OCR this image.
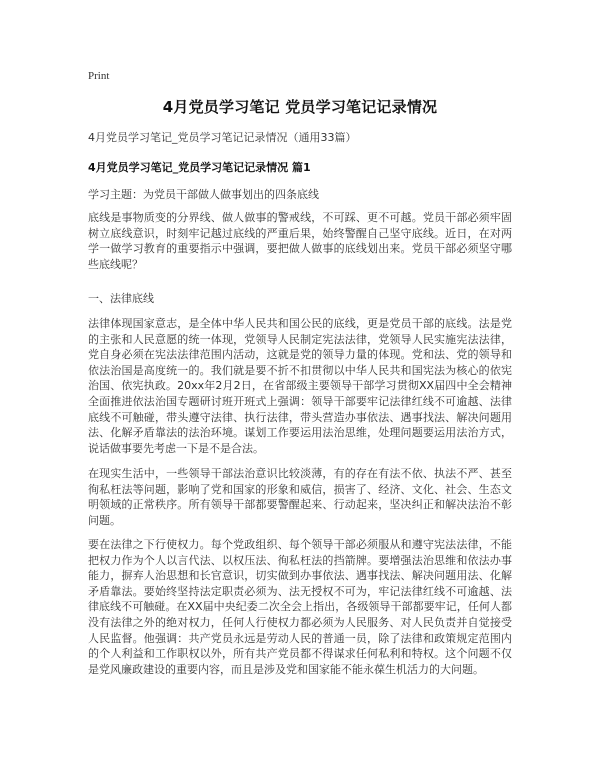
Print
4月党员学习笔记 党员学习笔记记录情况
4月党员学习笔记_党员学习笔记记录情况（通用33篇）
4月党员学习笔记_党员学习笔记记录情况 篇1
学习主题：为党员干部做人做事划出的四条底线

底线是事物质变的分界线、做人做事的警戒线，不可踩、更不可越。党员干部必须牢固树立底线意识，时刻牢记越过底线的严重后果，始终警醒自己坚守底线。近日，在对两学一做学习教育的重要指示中强调，要把做人做事的底线划出来。党员干部必须坚守哪些底线呢？

一、法律底线

法律体现国家意志，是全体中华人民共和国公民的底线，更是党员干部的底线。法是党的主张和人民意愿的统一体现，党领导人民制定宪法法律，党领导人民实施宪法法律，党自身必须在宪法法律范围内活动，这就是党的领导力量的体现。党和法、党的领导和依法治国是高度统一的。我们就是要不折不扣贯彻以中华人民共和国宪法为核心的依宪治国、依宪执政。20xx年2月2日，在省部级主要领导干部学习贯彻XX届四中全会精神全面推进依法治国专题研讨班开班式上强调：领导干部要牢记法律红线不可逾越、法律底线不可触碰，带头遵守法律、执行法律，带头营造办事依法、遇事找法、解决问题用法、化解矛盾靠法的法治环境。谋划工作要运用法治思维，处理问题要运用法治方式，说话做事要先考虑一下是不是合法。

在现实生活中，一些领导干部法治意识比较淡薄，有的存在有法不依、执法不严、甚至徇私枉法等问题，影响了党和国家的形象和威信，损害了、经济、文化、社会、生态文明领域的正常秩序。所有领导干部都要警醒起来、行动起来，坚决纠正和解决法治不彰问题。

要在法律之下行使权力。每个党政组织、每个领导干部必须服从和遵守宪法法律，不能把权力作为个人以言代法、以权压法、徇私枉法的挡箭牌。要增强法治思维和依法办事能力，摒弃人治思想和长官意识，切实做到办事依法、遇事找法、解决问题用法、化解矛盾靠法。要始终坚持法定职责必须为、法无授权不可为，牢记法律红线不可逾越、法律底线不可触碰。在XX届中央纪委二次全会上指出，各级领导干部都要牢记，任何人都没有法律之外的绝对权力，任何人行使权力都必须为人民服务、对人民负责并自觉接受人民监督。他强调：共产党员永远是劳动人民的普通一员，除了法律和政策规定范围内的个人利益和工作职权以外，所有共产党员都不得谋求任何私利和特权。这个问题不仅是党风廉政建设的重要内容，而且是涉及党和国家能不能永葆生机活力的大问题。
